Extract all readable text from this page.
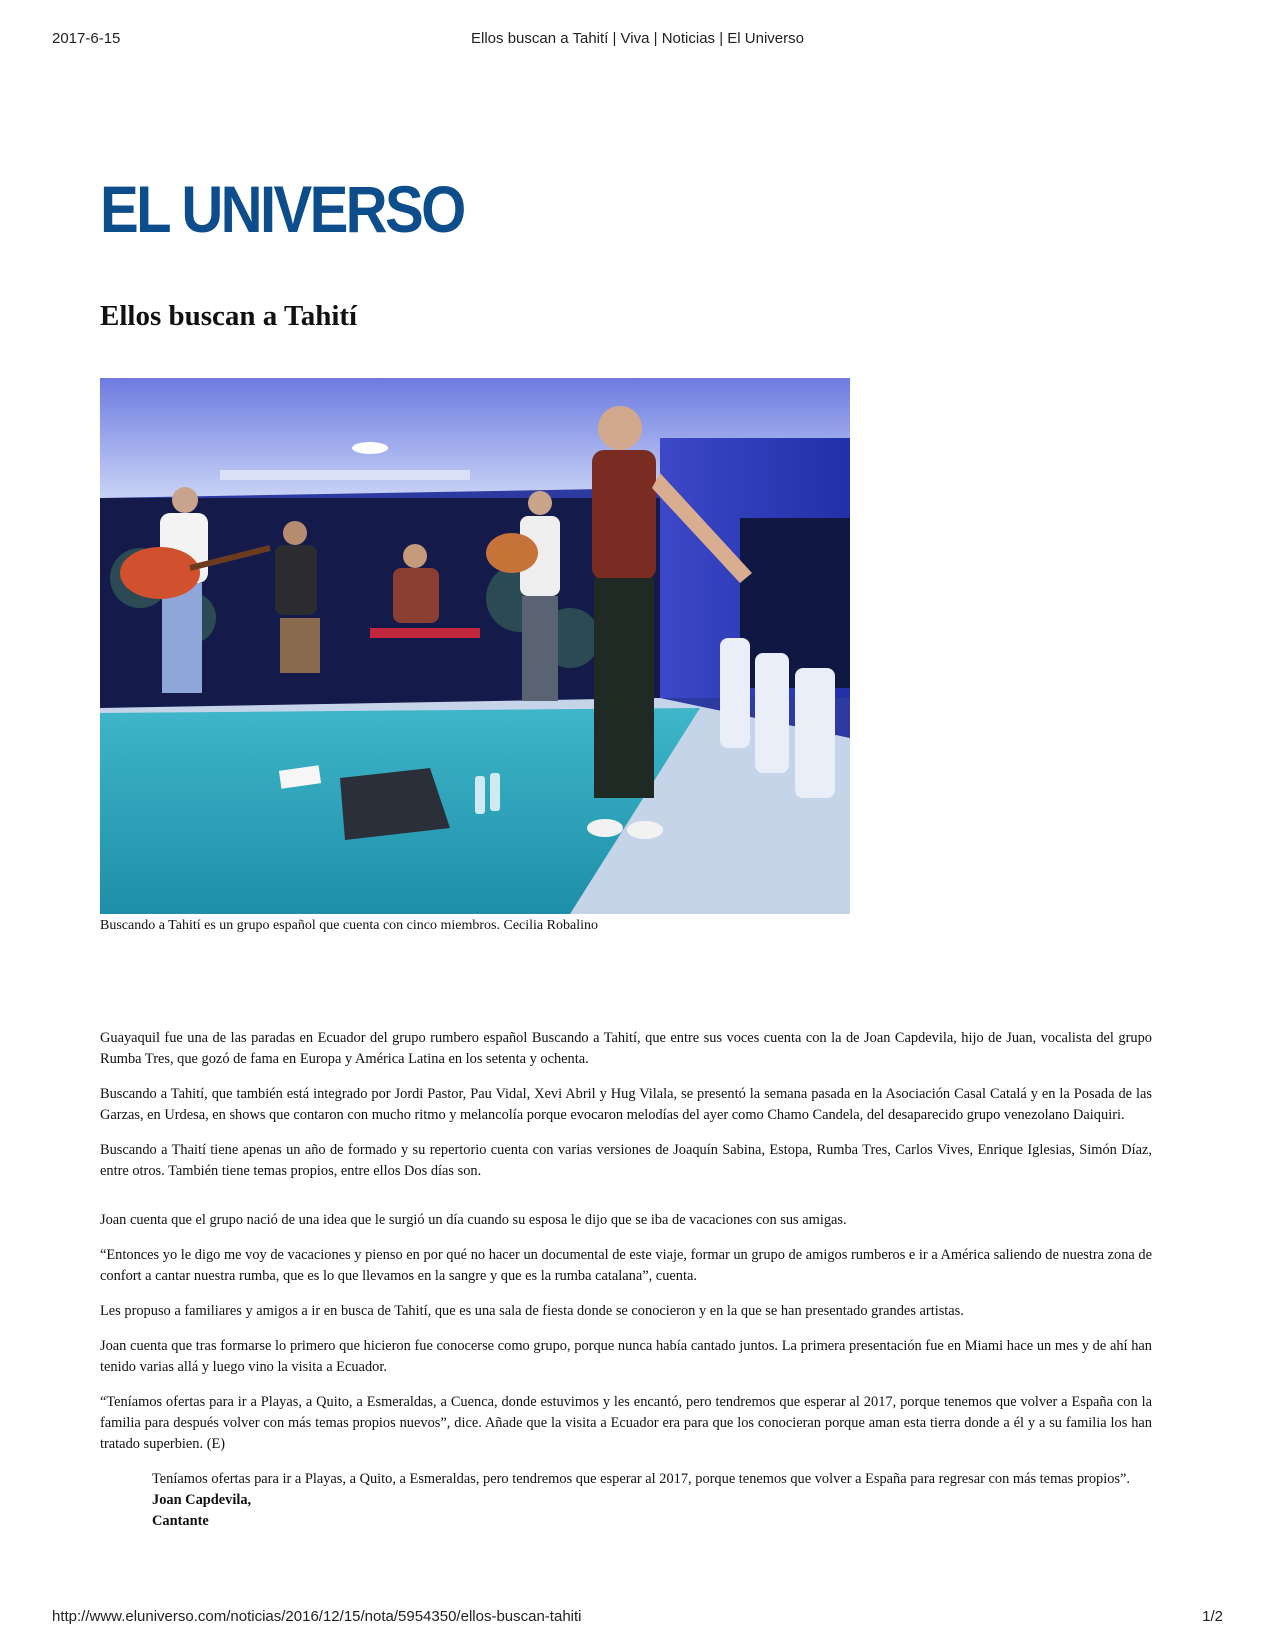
2017-6-15	Ellos buscan a Tahití | Viva | Noticias | El Universo
EL UNIVERSO
Ellos buscan a Tahití
Buscando a Tahití es un grupo español que cuenta con cinco miembros. Cecilia Robalino

Guayaquil fue una de las paradas en Ecuador del grupo rumbero español Buscando a Tahití, que entre sus voces cuenta con la de Joan Capdevila, hijo de Juan, vocalista del grupo Rumba Tres, que gozó de fama en Europa y América Latina en los setenta y ochenta.

Buscando a Tahití, que también está integrado por Jordi Pastor, Pau Vidal, Xevi Abril y Hug Vilala, se presentó la semana pasada en la Asociación Casal Catalá y en la Posada de las Garzas, en Urdesa, en shows que contaron con mucho ritmo y melancolía porque evocaron melodías del ayer como Chamo Candela, del desaparecido grupo venezolano Daiquiri.

Buscando a Thaití tiene apenas un año de formado y su repertorio cuenta con varias versiones de Joaquín Sabina, Estopa, Rumba Tres, Carlos Vives, Enrique Iglesias, Simón Díaz, entre otros. También tiene temas propios, entre ellos Dos días son.

Joan cuenta que el grupo nació de una idea que le surgió un día cuando su esposa le dijo que se iba de vacaciones con sus amigas.

“Entonces yo le digo me voy de vacaciones y pienso en por qué no hacer un documental de este viaje, formar un grupo de amigos rumberos e ir a América saliendo de nuestra zona de confort a cantar nuestra rumba, que es lo que llevamos en la sangre y que es la rumba catalana”, cuenta.

Les propuso a familiares y amigos a ir en busca de Tahití, que es una sala de fiesta donde se conocieron y en la que se han presentado grandes artistas.

Joan cuenta que tras formarse lo primero que hicieron fue conocerse como grupo, porque nunca había cantado juntos. La primera presentación fue en Miami hace un mes y de ahí han tenido varias allá y luego vino la visita a Ecuador.

“Teníamos ofertas para ir a Playas, a Quito, a Esmeraldas, a Cuenca, donde estuvimos y les encantó, pero tendremos que esperar al 2017, porque tenemos que volver a España con la familia para después volver con más temas propios nuevos”, dice. Añade que la visita a Ecuador era para que los conocieran porque aman esta tierra donde a él y a su familia los han tratado superbien. (E)

Teníamos ofertas para ir a Playas, a Quito, a Esmeraldas, pero tendremos que esperar al 2017, porque tenemos que volver a España para regresar con más temas propios”.
Joan Capdevila,
Cantante
http://www.eluniverso.com/noticias/2016/12/15/nota/5954350/ellos-buscan-tahiti	1/2
